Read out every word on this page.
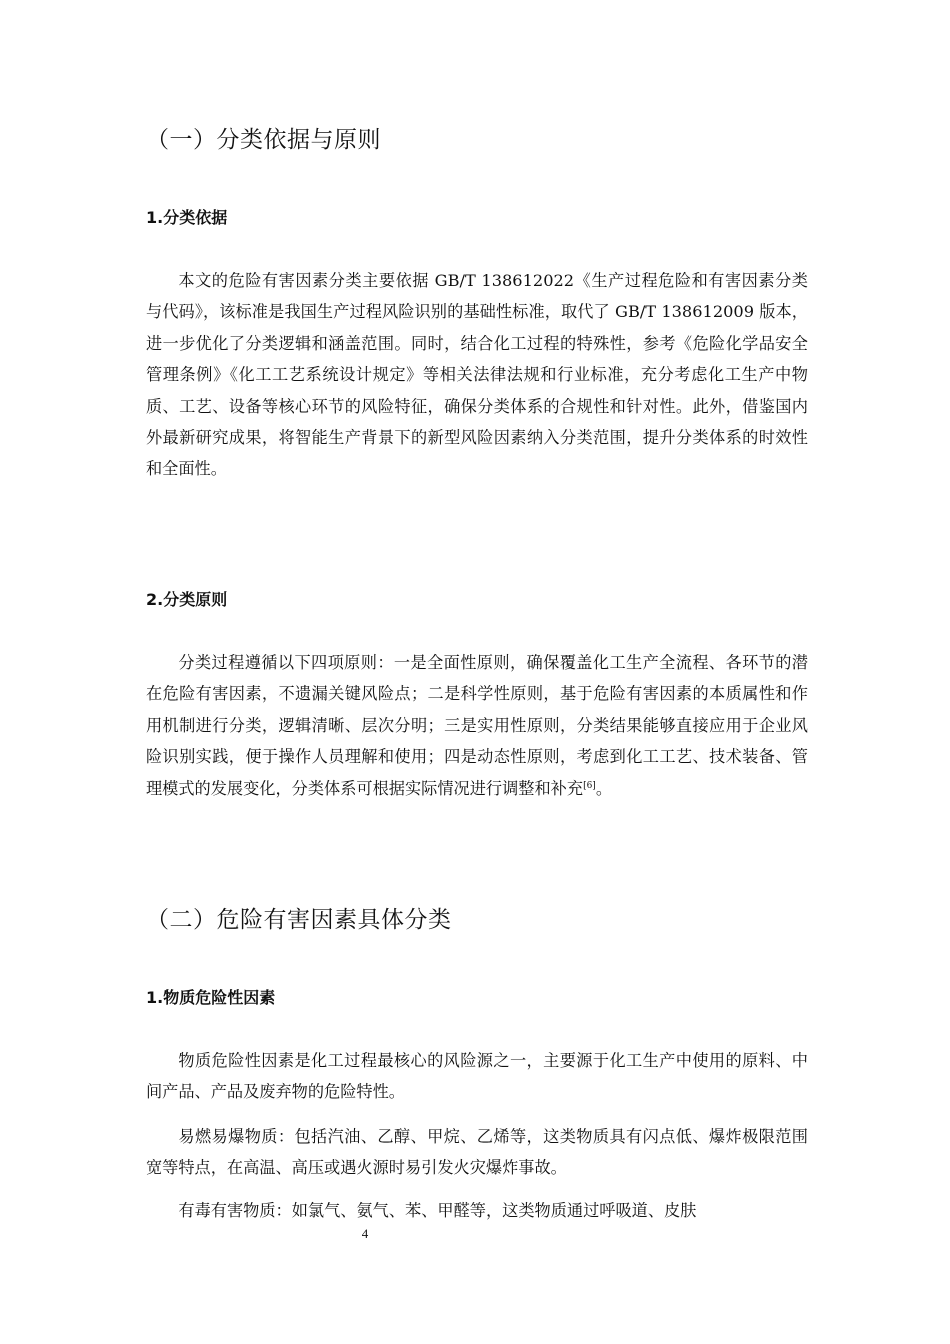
（一）分类依据与原则
1.分类依据

本文的危险有害因素分类主要依据 GB/T 138612022《生产过程危险和有害因素分类与代码》，该标准是我国生产过程风险识别的基础性标准，取代了 GB/T 138612009 版本，进一步优化了分类逻辑和涵盖范围。同时，结合化工过程的特殊性，参考《危险化学品安全管理条例》《化工工艺系统设计规定》等相关法律法规和行业标准，充分考虑化工生产中物质、工艺、设备等核心环节的风险特征，确保分类体系的合规性和针对性。此外，借鉴国内外最新研究成果，将智能生产背景下的新型风险因素纳入分类范围，提升分类体系的时效性和全面性。

2.分类原则

分类过程遵循以下四项原则：一是全面性原则，确保覆盖化工生产全流程、各环节的潜在危险有害因素，不遗漏关键风险点；二是科学性原则，基于危险有害因素的本质属性和作用机制进行分类，逻辑清晰、层次分明；三是实用性原则，分类结果能够直接应用于企业风险识别实践，便于操作人员理解和使用；四是动态性原则，考虑到化工工艺、技术装备、管理模式的发展变化，分类体系可根据实际情况进行调整和补充[6]。

（二）危险有害因素具体分类
1.物质危险性因素

物质危险性因素是化工过程最核心的风险源之一，主要源于化工生产中使用的原料、中间产品、产品及废弃物的危险特性。

易燃易爆物质：包括汽油、乙醇、甲烷、乙烯等，这类物质具有闪点低、爆炸极限范围宽等特点，在高温、高压或遇火源时易引发火灾爆炸事故。

有毒有害物质：如氯气、氨气、苯、甲醛等，这类物质通过呼吸道、皮肤

4
